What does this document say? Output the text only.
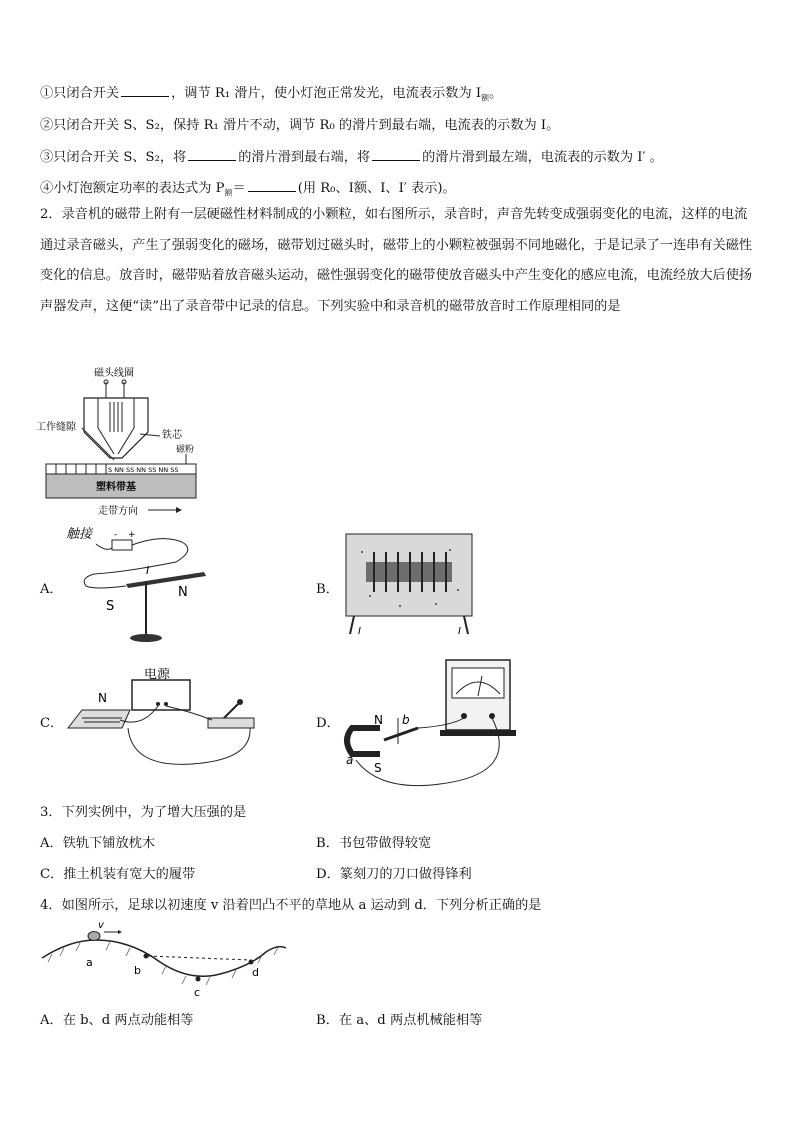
①只闭合开关	，调节 R₁ 滑片，使小灯泡正常发光，电流表示数为 $I_额$。
②只闭合开关 S、S₂，保持 R₁ 滑片不动，调节 R₀ 的滑片到最右端，电流表的示数为 I。
③只闭合开关 S、S₂，将	的滑片滑到最右端，将	的滑片滑到最左端，电流表的示数为 I′ 。
④小灯泡额定功率的表达式为 $P_额=$	(用 R₀、I额、I、I′ 表示)。
2．录音机的磁带上附有一层硬磁性材料制成的小颗粒，如右图所示，录音时，声音先转变成强弱变化的电流，这样的电流通过录音磁头，产生了强弱变化的磁场，磁带划过磁头时，磁带上的小颗粒被强弱不同地磁化，于是记录了一连串有关磁性变化的信息。放音时，磁带贴着放音磁头运动，磁性强弱变化的磁带使放音磁头中产生变化的感应电流，电流经放大后使扬声器发声，这便“读”出了录音带中记录的信息。下列实验中和录音机的磁带放音时工作原理相同的是
磁头线圈
铁芯
工作缝隙
磁粉
S NN SS NN SS NN SS
塑料带基
走带方向
A．
触接 - +
I
S
N	B．
I	I
C．
电源
N
D．	N b
a
S
3．下列实例中，为了增大压强的是
A．铁轨下铺放枕木	B．书包带做得较宽
C．推土机装有宽大的履带	D．篆刻刀的刀口做得锋利
4．如图所示，足球以初速度 v 沿着凹凸不平的草地从 a 运动到 d．下列分析正确的是
v
a
b
c
d
A．在 b、d 两点动能相等	B．在 a、d 两点机械能相等
